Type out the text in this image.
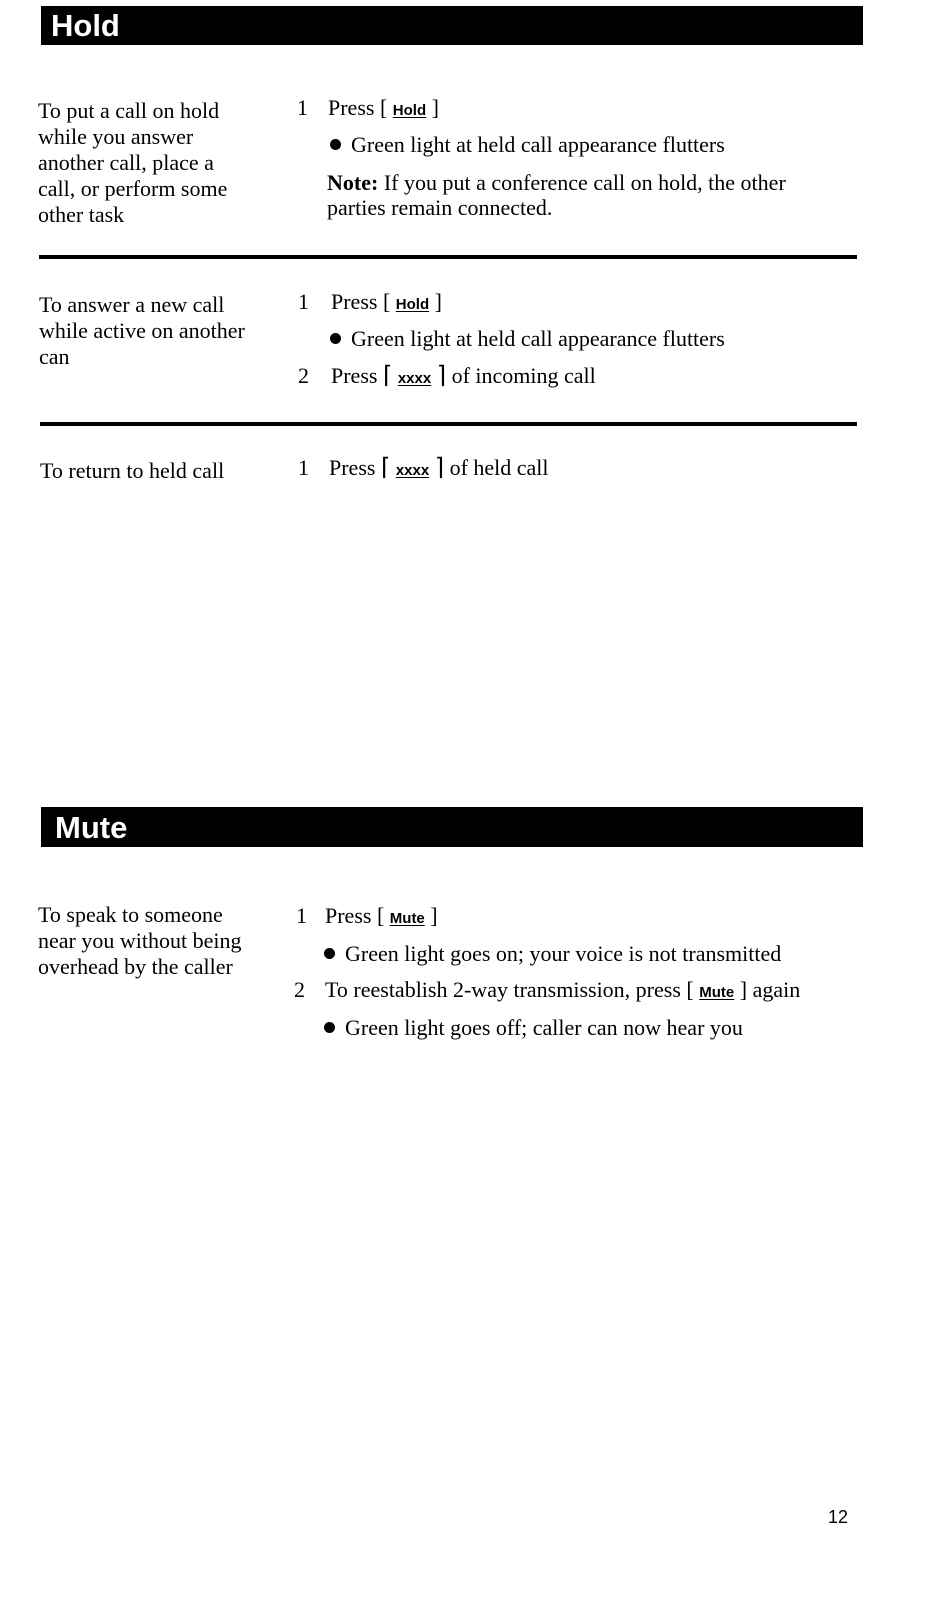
Hold
To put a call on hold while you answer another call, place a call, or perform some other task
1 Press [ Hold ]
Green light at held call appearance flutters
Note: If you put a conference call on hold, the other
parties remain connected.
To answer a new call while active on another can
1 Press [ Hold ]
Green light at held call appearance flutters
2 Press ⌈ xxxx ⌉ of incoming call
To return to held call	1 Press ⌈ xxxx ⌉ of held call
Mute
To speak to someone near you without being overhead by the caller
1 Press [ Mute ]
Green light goes on; your voice is not transmitted
2 To reestablish 2-way transmission, press [ Mute ] again
Green light goes off; caller can now hear you
12
